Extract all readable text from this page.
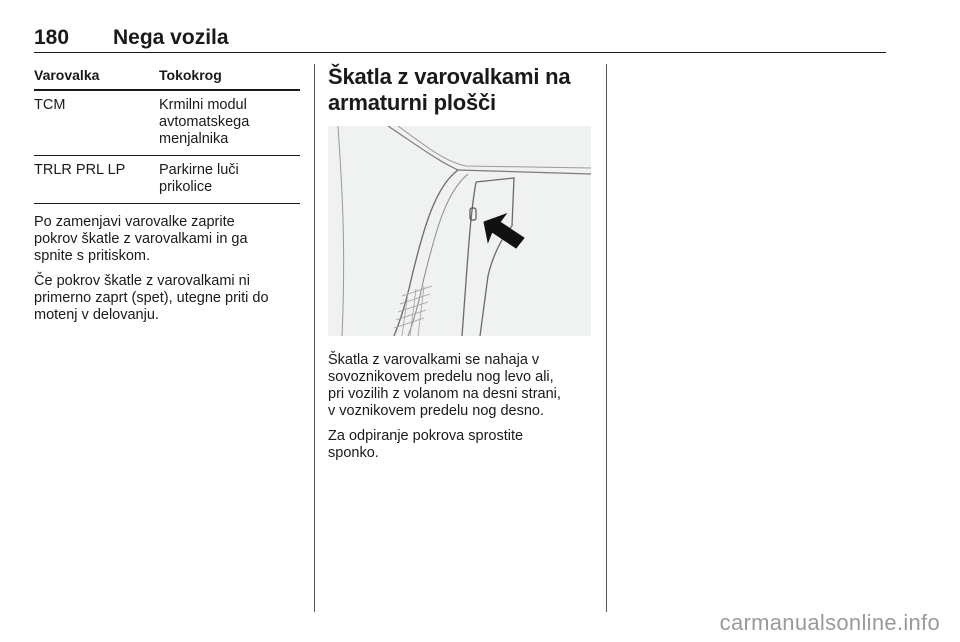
180 Nega vozila
Varovalka	Tokokrog
TCM	Krmilni modul
avtomatskega
menjalnika

TRLR PRL LP	Parkirne luči
prikolice

Po zamenjavi varovalke zaprite
pokrov škatle z varovalkami in ga
spnite s pritiskom.

Če pokrov škatle z varovalkami ni
primerno zaprt (spet), utegne priti do
motenj v delovanju.

Škatla z varovalkami na
armaturni plošči

Škatla z varovalkami se nahaja v
sovoznikovem predelu nog levo ali,
pri vozilih z volanom na desni strani,
v voznikovem predelu nog desno.

Za odpiranje pokrova sprostite
sponko.

carmanualsonline.info
